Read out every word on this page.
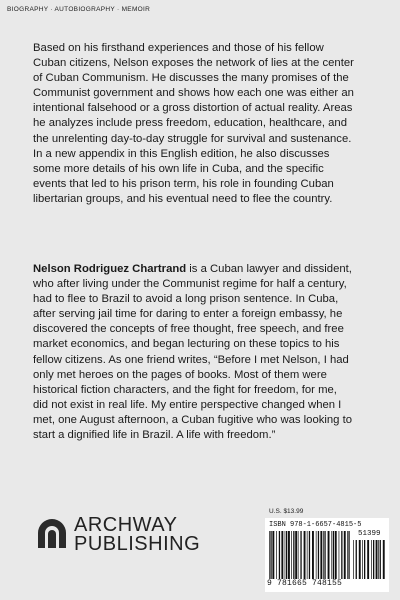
BIOGRAPHY · AUTOBIOGRAPHY · MEMOIR

Based on his firsthand experiences and those of his fellow Cuban citizens, Nelson exposes the network of lies at the center of Cuban Communism. He discusses the many promises of the Communist government and shows how each one was either an intentional falsehood or a gross distortion of actual reality. Areas he analyzes include press freedom, education, healthcare, and the unrelenting day-to-day struggle for survival and sustenance. In a new appendix in this English edition, he also discusses some more details of his own life in Cuba, and the specific events that led to his prison term, his role in founding Cuban libertarian groups, and his eventual need to flee the country.

Nelson Rodriguez Chartrand is a Cuban lawyer and dissident, who after living under the Communist regime for half a century, had to flee to Brazil to avoid a long prison sentence. In Cuba, after serving jail time for daring to enter a foreign embassy, he discovered the concepts of free thought, free speech, and free market economics, and began lecturing on these topics to his fellow citizens. As one friend writes, “Before I met Nelson, I had only met heroes on the pages of books. Most of them were historical fiction characters, and the fight for freedom, for me, did not exist in real life. My entire perspective changed when I met, one August afternoon, a Cuban fugitive who was looking to start a dignified life in Brazil. A life with freedom.”

ARCHWAY
PUBLISHING
U.S. $13.99
ISBN 978-1-6657-4815-5
51399
9 781665 748155
